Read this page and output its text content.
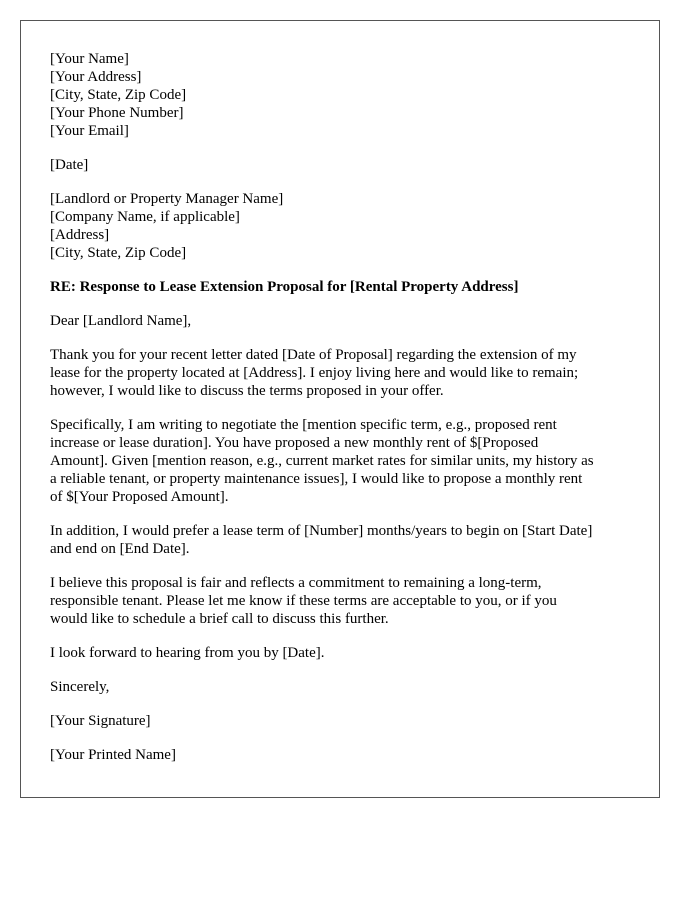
[Your Name]
[Your Address]
[City, State, Zip Code]
[Your Phone Number]
[Your Email]
[Date]
[Landlord or Property Manager Name]
[Company Name, if applicable]
[Address]
[City, State, Zip Code]
RE: Response to Lease Extension Proposal for [Rental Property Address]
Dear [Landlord Name],
Thank you for your recent letter dated [Date of Proposal] regarding the extension of my
lease for the property located at [Address]. I enjoy living here and would like to remain;
however, I would like to discuss the terms proposed in your offer.
Specifically, I am writing to negotiate the [mention specific term, e.g., proposed rent
increase or lease duration]. You have proposed a new monthly rent of $[Proposed
Amount]. Given [mention reason, e.g., current market rates for similar units, my history as
a reliable tenant, or property maintenance issues], I would like to propose a monthly rent
of $[Your Proposed Amount].
In addition, I would prefer a lease term of [Number] months/years to begin on [Start Date]
and end on [End Date].
I believe this proposal is fair and reflects a commitment to remaining a long-term,
responsible tenant. Please let me know if these terms are acceptable to you, or if you
would like to schedule a brief call to discuss this further.
I look forward to hearing from you by [Date].
Sincerely,
[Your Signature]
[Your Printed Name]
